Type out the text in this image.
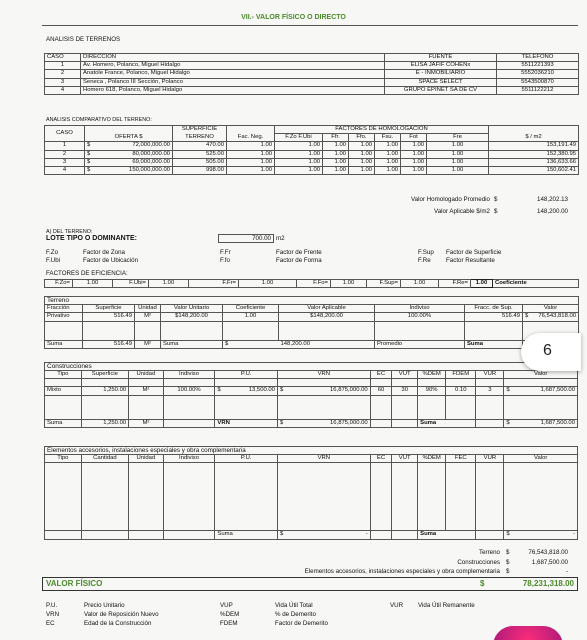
VII.- VALOR FÍSICO O DIRECTO
ANALISIS DE TERRENOS
CASO	DIRECCIÓN	FUENTE	TELÉFONO
1	Av. Homero, Polanco, Miguel Hidalgo	ELISA JAFIF COHENx	5511221393
2	Anatole France, Polanco, Miguel Hidalgo	E - INMOBILIARIO	5552036210
3	Seneca , Polanco III Sección, Polanco	SPACE SELECT	5543500870
4	Homero 618, Polanco, Miguel Hidalgo	GRUPO EPINET SA DE CV	5511122212
ANALISIS COMPARATIVO DEL TERRENO:
CASO	OFERTA $		SUPERFICIE	Fac. Neg.	FACTORES DE HOMOLOGACION						$ / m2
			TERRENO		F.Zo F.Ubi	Ffr.	Ffo.	Fsu.	Fot	Fre	
1	$	72,000,000.00	470.00	1.00	1.00	1.00	1.00	1.00	1.00	1.00	153,191.49
2	$	80,000,000.00	525.00	1.00	1.00	1.00	1.00	1.00	1.00	1.00	152,380.95
3	$	69,000,000.00	505.00	1.00	1.00	1.00	1.00	1.00	1.00	1.00	136,633.66
4	$	150,000,000.00	998.00	1.00	1.00	1.00	1.00	1.00	1.00	1.00	150,602.41
Valor Homologado Promedio $	148,202.13
Valor Aplicable $/m2 $	148,200.00
A) DEL TERRENO:
LOTE TIPO O DOMINANTE:	700.00 m2
F.Zo	Factor de Zona	F.Fr	Factor de Frente	F.Sup Factor de Superficie
F.Ubi	Factor de Ubicación	F.fo	Factor de Forma	F.Re Factor Resultante
FACTORES DE EFICIENCIA:
F.Zo=	1.00	F.Ubi=	1.00	F.Fr=	1.00	F.Fo=	1.00	F.Sup=	1.00	F.Re=	1.00	Coeficiente
Terreno									
Fracción	Superficie	Unidad	Valor Unitario	Coeficiente	Valor Aplicable	Indiviso	Fracc. de Sup.	Valor	
Privativo	516.49	M²	$148,200.00	1.00	$148,200.00	100.00%	516.49	$	76,543,818.00

Suma	516.49	M²	Suma	$	148,200.00	Promedio	Suma		
Construcciones														
Tipo	Superficie	Unidad	Indiviso	P.U.		VRN		EC	VUT	%DEM	FDEM	VUR	Valor	

Mixto	1,250.00	M²	100.00%	$	13,500.00	$	16,875,000.00	60	30	90%	0.10	3	$	1,687,500.00

Suma	1,250.00	M²		VRN		$	16,875,000.00			Suma			$	1,687,500.00
Elementos accesorios, instalaciones especiales y obra complementaria													
Tipo	Cantidad	Unidad	Indiviso	P.U.	VRN		EC	VUT	%DEM	FEC	VUR	Valor	

				Suma	$	-			Suma			$	-
Terreno $	76,543,818.00
Construcciones $	1,687,500.00
Elementos accesorios, instalaciones especiales y obra complementaria $	-
VALOR FÍSICO	$	78,231,318.00
P.U.	Precio Unitario	VUP	Vida Útil Total	VUR Vida Útil Remanente
VRN	Valor de Reposición Nuevo	%DEM	% de Demerito
EC	Edad de la Construcción	FDEM	Factor de Demerito
6
